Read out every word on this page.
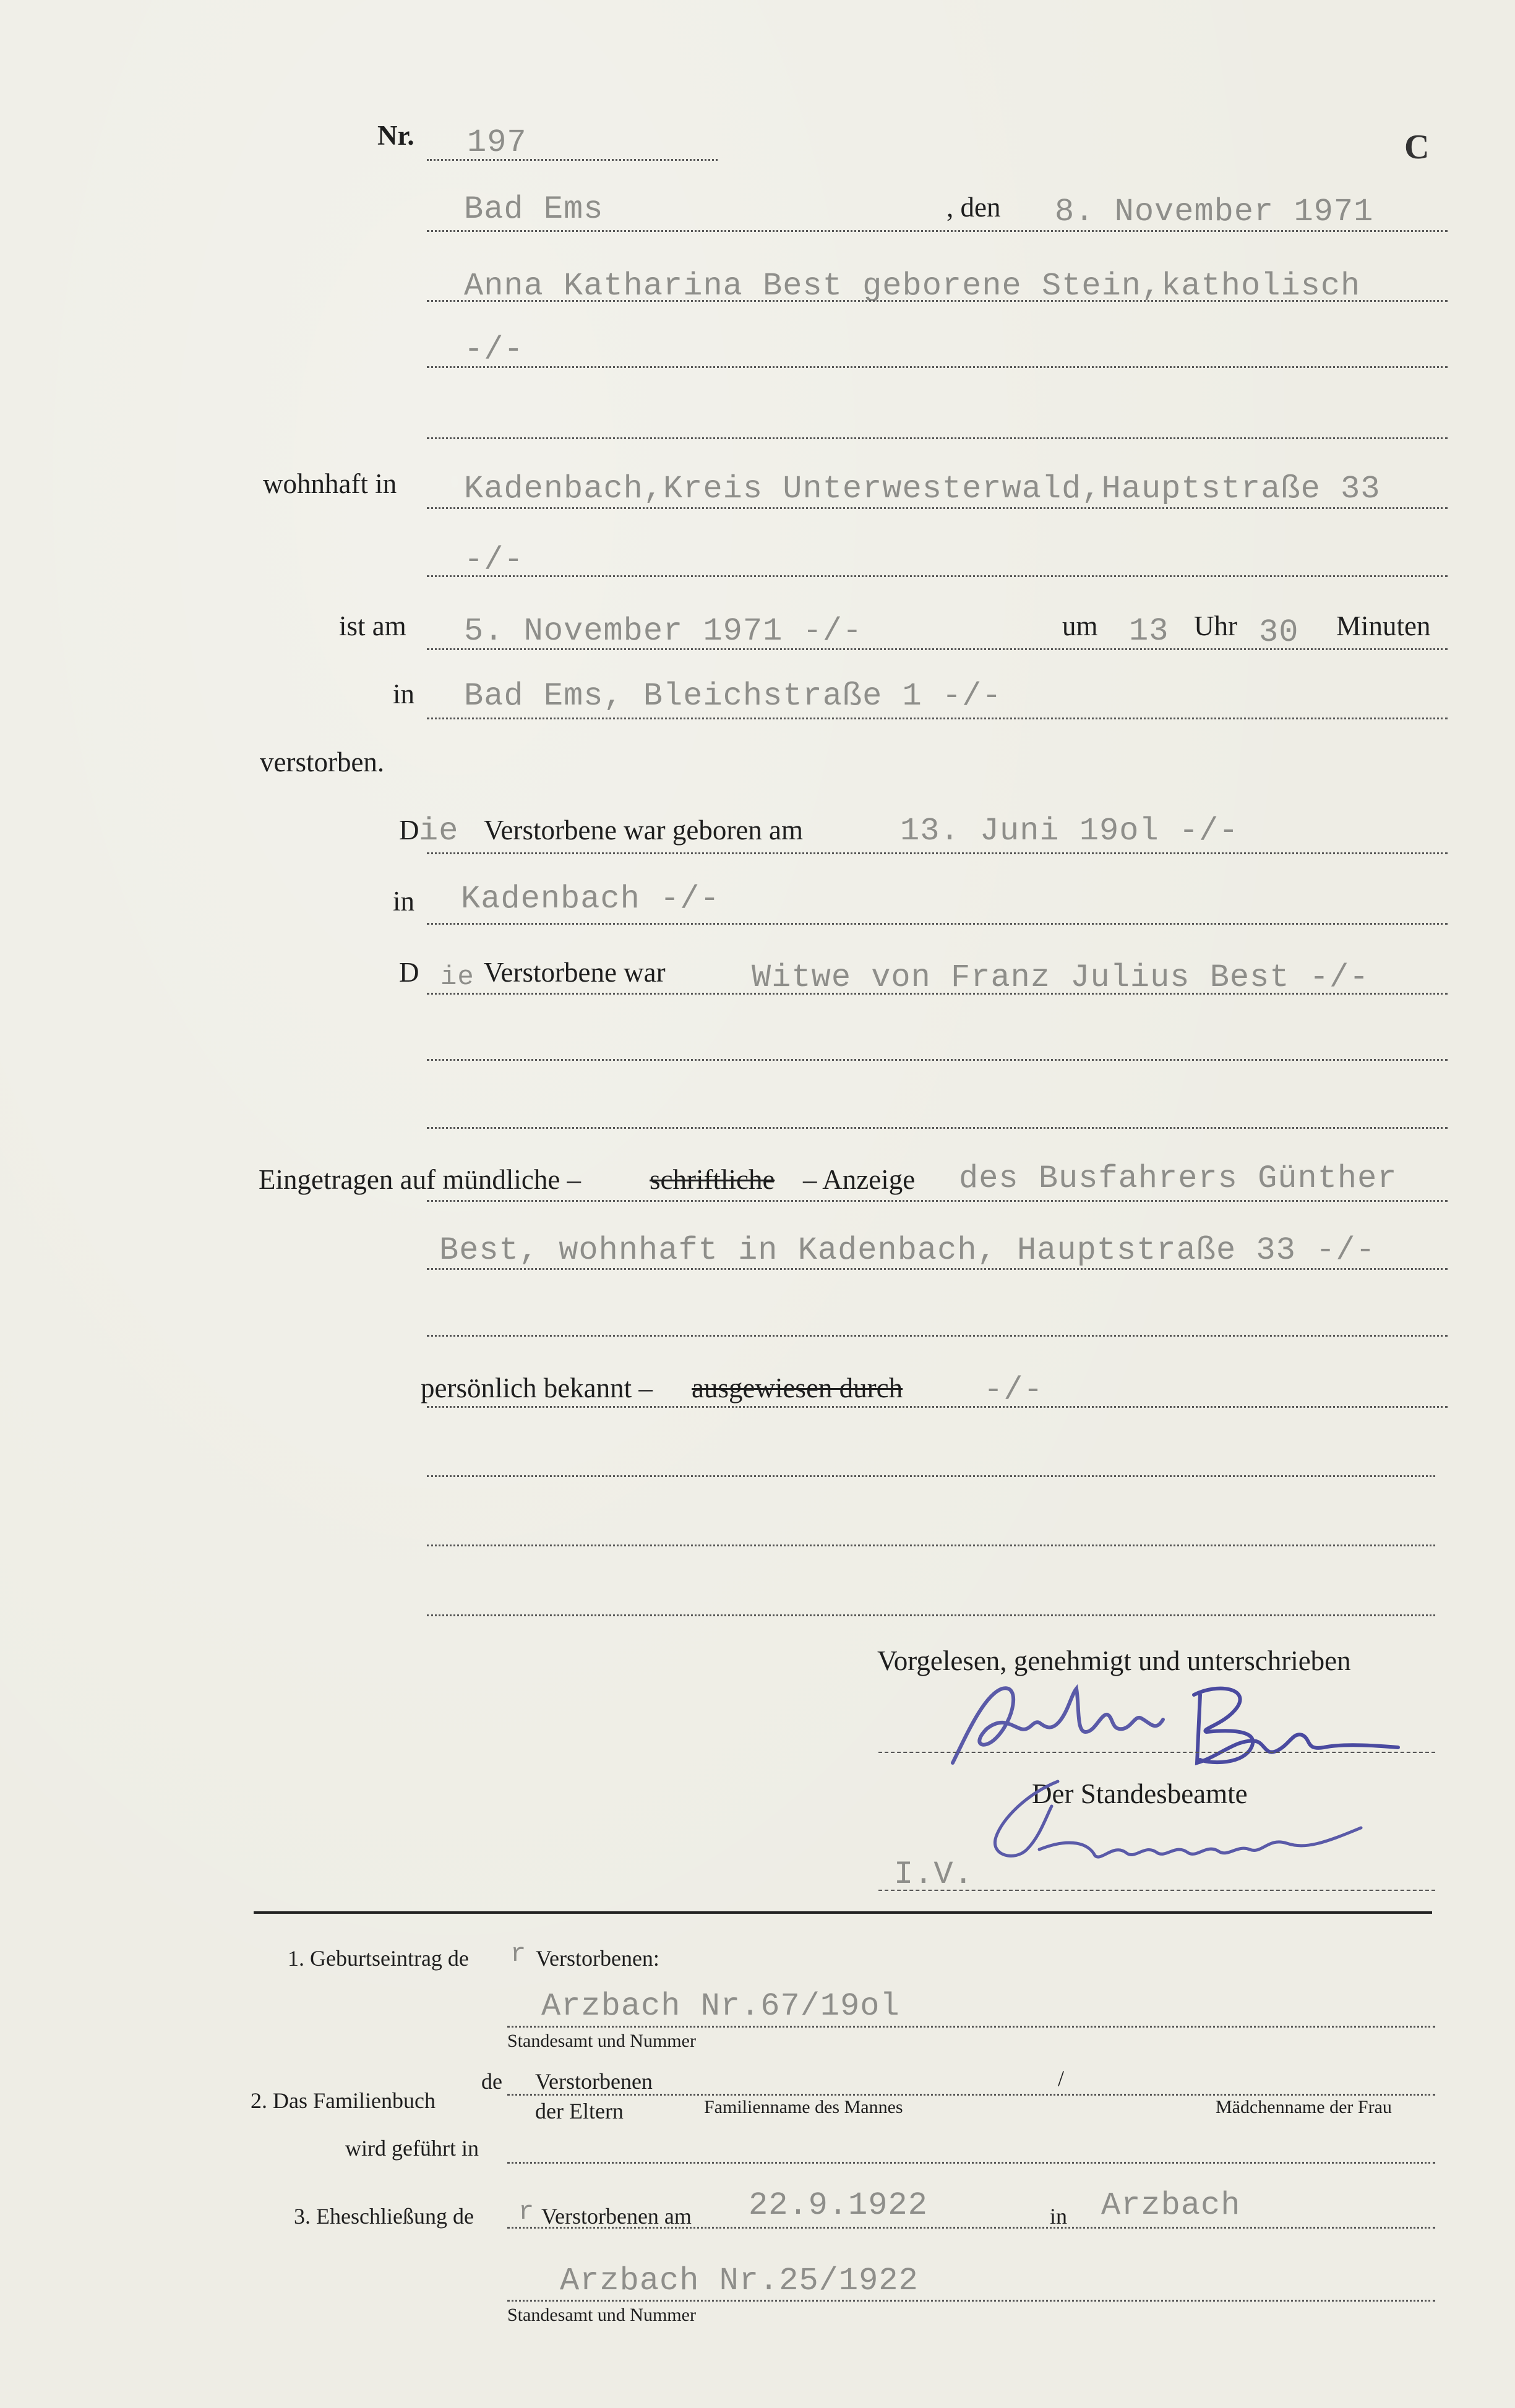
Nr. 197	C
Bad Ems	, den 8. November 1971
Anna Katharina Best geborene Stein,katholisch
-/-
wohnhaft in Kadenbach,Kreis Unterwesterwald,Hauptstraße 33
-/-
ist am 5. November 1971 -/-	um 13 Uhr 30 Minuten
in Bad Ems, Bleichstraße 1 -/-
verstorben.
D ie Verstorbene war geboren am	13. Juni 19ol -/-
in Kadenbach -/-
D ie Verstorbene war	Witwe von Franz Julius Best -/-
Eingetragen auf mündliche – schriftliche – Anzeige des Busfahrers Günther
Best, wohnhaft in Kadenbach, Hauptstraße 33 -/-
persönlich bekannt – ausgewiesen durch	-/-
Vorgelesen, genehmigt und unterschrieben
Der Standesbeamte
I.V.
1. Geburtseintrag de r Verstorbenen:
Arzbach Nr.67/19ol
Standesamt und Nummer
2. Das Familienbuch
de Verstorbenen	/
der Eltern	Familienname des Mannes	Mädchenname der Frau
wird geführt in
3. Eheschließung de r Verstorbenen am 22.9.1922	in Arzbach
Arzbach Nr.25/1922
Standesamt und Nummer
